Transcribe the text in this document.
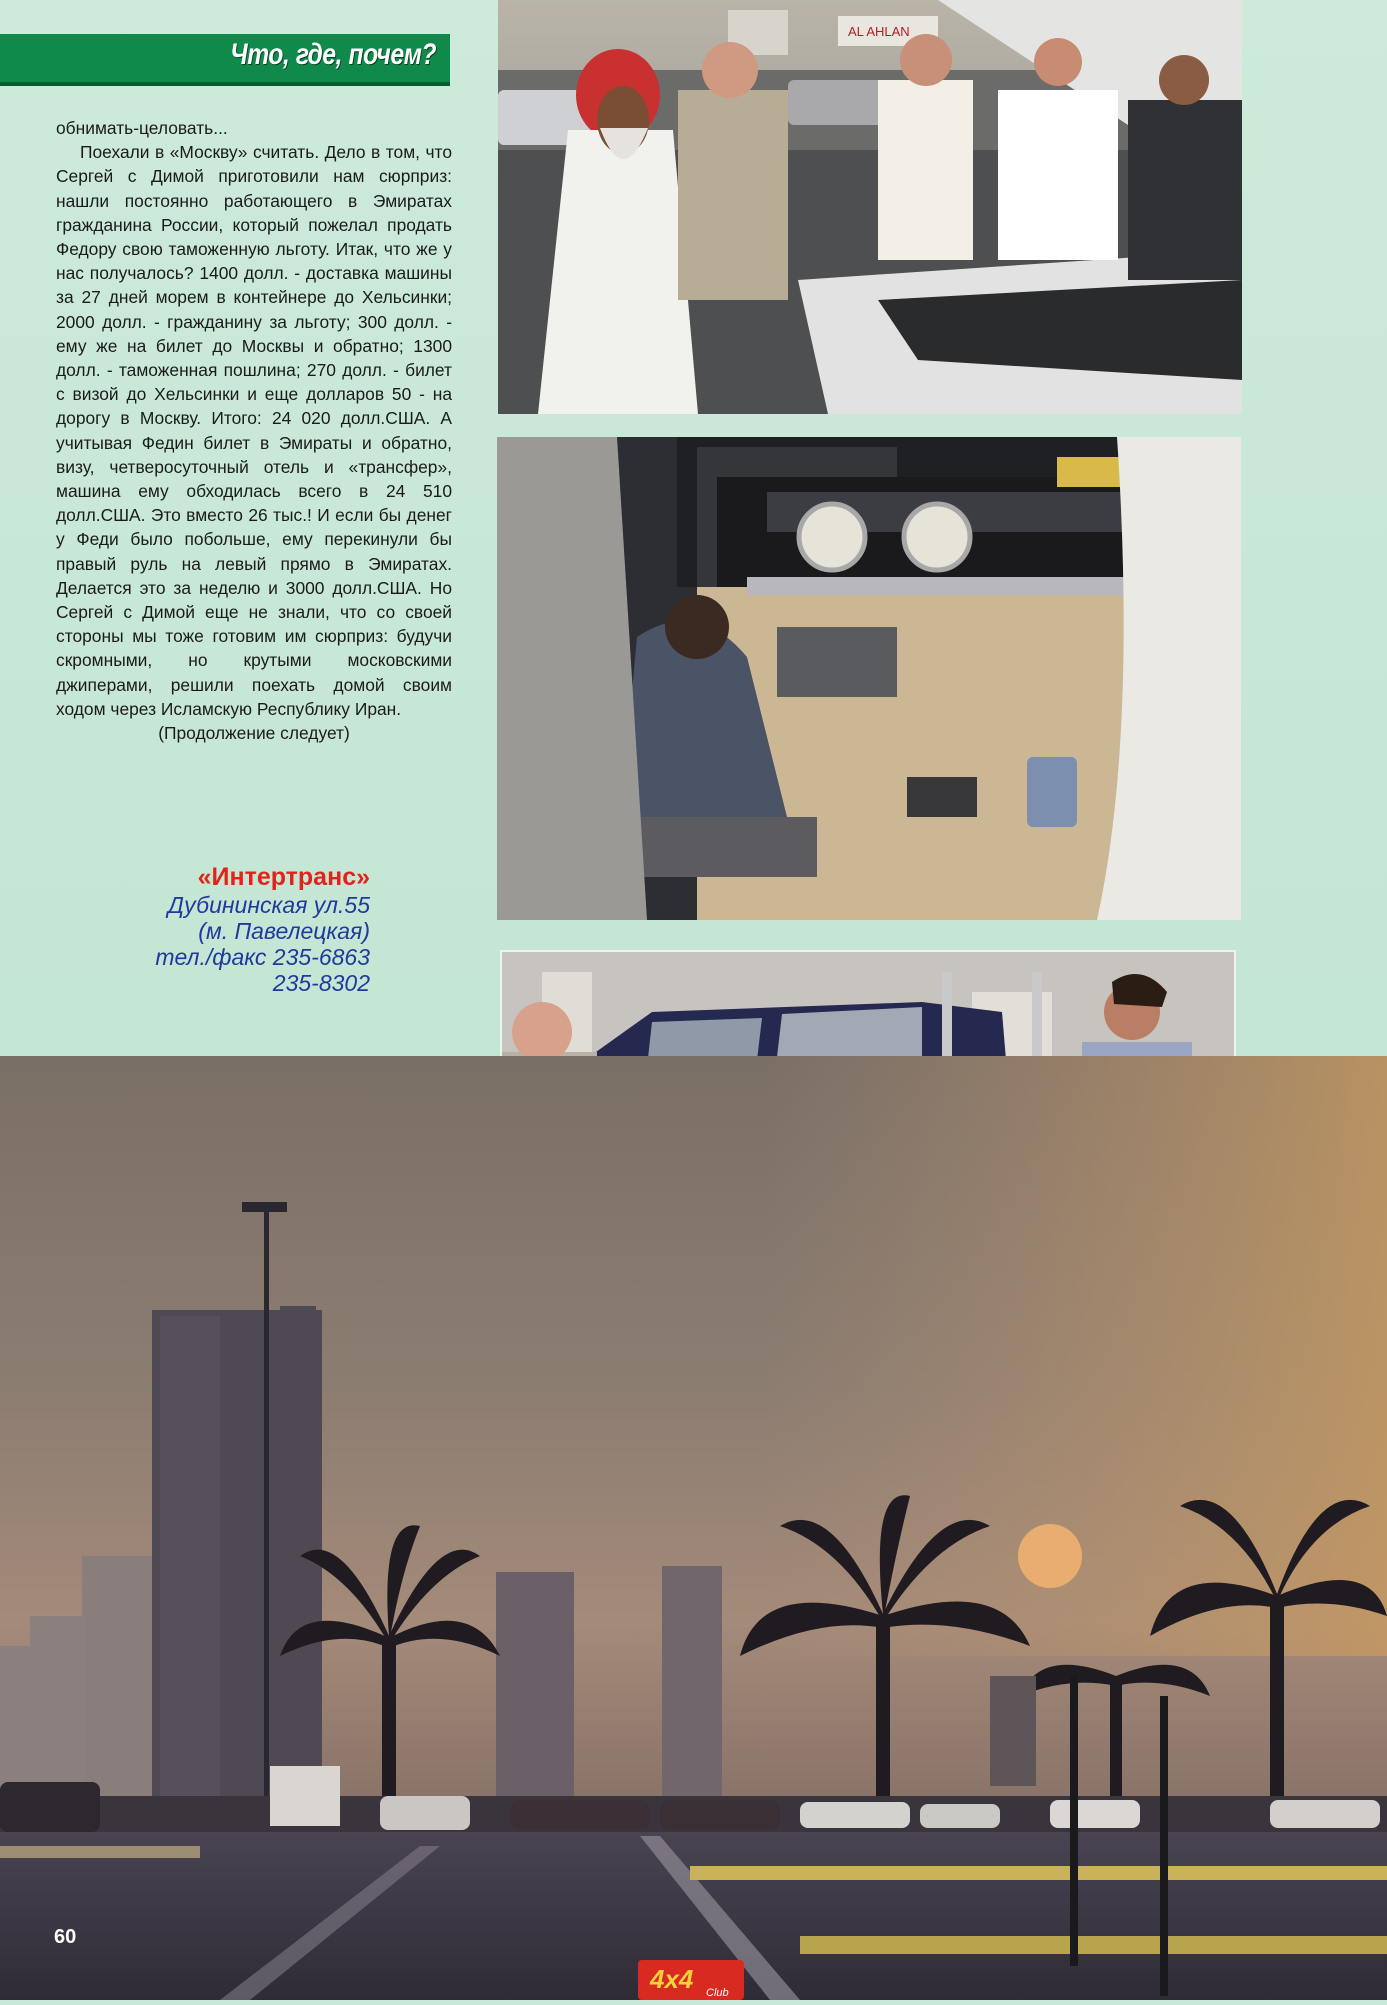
Что, где, почем?

обнимать-целовать...

Поехали в «Москву» считать. Дело в том, что Сергей с Димой приготовили нам сюрприз: нашли постоянно работающего в Эмиратах гражданина России, который пожелал продать Федору свою таможенную льготу. Итак, что же у нас получалось? 1400 долл. - доставка машины за 27 дней морем в контейнере до Хельсинки; 2000 долл. - гражданину за льготу; 300 долл. - ему же на билет до Москвы и обратно; 1300 долл. - таможенная пошлина; 270 долл. - билет с визой до Хельсинки и еще долларов 50 - на дорогу в Москву. Итого: 24 020 долл.США. А учитывая Федин билет в Эмираты и обратно, визу, четверосуточный отель и «трансфер», машина ему обходилась всего в 24 510 долл.США. Это вместо 26 тыс.! И если бы денег у Феди было побольше, ему перекинули бы правый руль на левый прямо в Эмиратах. Делается это за неделю и 3000 долл.США. Но Сергей с Димой еще не знали, что со своей стороны мы тоже готовим им сюрприз: будучи скромными, но крутыми московскими джиперами, решили поехать домой своим ходом через Исламскую Республику Иран.

(Продолжение следует)

«Интертранс»
Дубининская ул.55
(м. Павелецкая)
тел./факс 235-6863
235-8302
AL AHLAN
60
4x4 Club
